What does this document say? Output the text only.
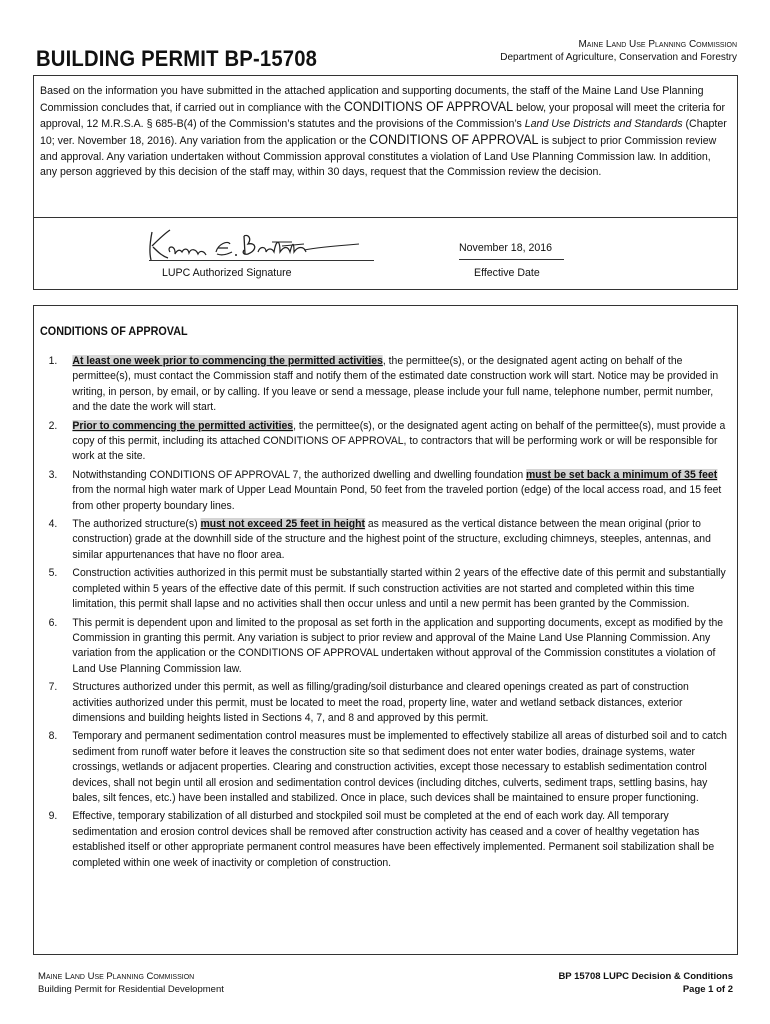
BUILDING PERMIT BP-15708
Maine Land Use Planning Commission
Department of Agriculture, Conservation and Forestry
Based on the information you have submitted in the attached application and supporting documents, the staff of the Maine Land Use Planning Commission concludes that, if carried out in compliance with the CONDITIONS OF APPROVAL below, your proposal will meet the criteria for approval, 12 M.R.S.A. § 685-B(4) of the Commission’s statutes and the provisions of the Commission’s Land Use Districts and Standards (Chapter 10; ver. November 18, 2016). Any variation from the application or the CONDITIONS OF APPROVAL is subject to prior Commission review and approval. Any variation undertaken without Commission approval constitutes a violation of Land Use Planning Commission law. In addition, any person aggrieved by this decision of the staff may, within 30 days, request that the Commission review the decision.
LUPC Authorized Signature
November 18, 2016
Effective Date
CONDITIONS OF APPROVAL
1. At least one week prior to commencing the permitted activities, the permittee(s), or the designated agent acting on behalf of the permittee(s), must contact the Commission staff and notify them of the estimated date construction work will start. Notice may be provided in writing, in person, by email, or by calling. If you leave or send a message, please include your full name, telephone number, permit number, and the date the work will start.
2. Prior to commencing the permitted activities, the permittee(s), or the designated agent acting on behalf of the permittee(s), must provide a copy of this permit, including its attached CONDITIONS OF APPROVAL, to contractors that will be performing work or will be responsible for work at the site.
3. Notwithstanding CONDITIONS OF APPROVAL 7, the authorized dwelling and dwelling foundation must be set back a minimum of 35 feet from the normal high water mark of Upper Lead Mountain Pond, 50 feet from the traveled portion (edge) of the local access road, and 15 feet from other property boundary lines.
4. The authorized structure(s) must not exceed 25 feet in height as measured as the vertical distance between the mean original (prior to construction) grade at the downhill side of the structure and the highest point of the structure, excluding chimneys, steeples, antennas, and similar appurtenances that have no floor area.
5. Construction activities authorized in this permit must be substantially started within 2 years of the effective date of this permit and substantially completed within 5 years of the effective date of this permit. If such construction activities are not started and completed within this time limitation, this permit shall lapse and no activities shall then occur unless and until a new permit has been granted by the Commission.
6. This permit is dependent upon and limited to the proposal as set forth in the application and supporting documents, except as modified by the Commission in granting this permit. Any variation is subject to prior review and approval of the Maine Land Use Planning Commission. Any variation from the application or the CONDITIONS OF APPROVAL undertaken without approval of the Commission constitutes a violation of Land Use Planning Commission law.
7. Structures authorized under this permit, as well as filling/grading/soil disturbance and cleared openings created as part of construction activities authorized under this permit, must be located to meet the road, property line, water and wetland setback distances, exterior dimensions and building heights listed in Sections 4, 7, and 8 and approved by this permit.
8. Temporary and permanent sedimentation control measures must be implemented to effectively stabilize all areas of disturbed soil and to catch sediment from runoff water before it leaves the construction site so that sediment does not enter water bodies, drainage systems, water crossings, wetlands or adjacent properties. Clearing and construction activities, except those necessary to establish sedimentation control devices, shall not begin until all erosion and sedimentation control devices (including ditches, culverts, sediment traps, settling basins, hay bales, silt fences, etc.) have been installed and stabilized. Once in place, such devices shall be maintained to ensure proper functioning.
9. Effective, temporary stabilization of all disturbed and stockpiled soil must be completed at the end of each work day. All temporary sedimentation and erosion control devices shall be removed after construction activity has ceased and a cover of healthy vegetation has established itself or other appropriate permanent control measures have been effectively implemented. Permanent soil stabilization shall be completed within one week of inactivity or completion of construction.
Maine Land Use Planning Commission
Building Permit for Residential Development
BP 15708 LUPC Decision & Conditions
Page 1 of 2
